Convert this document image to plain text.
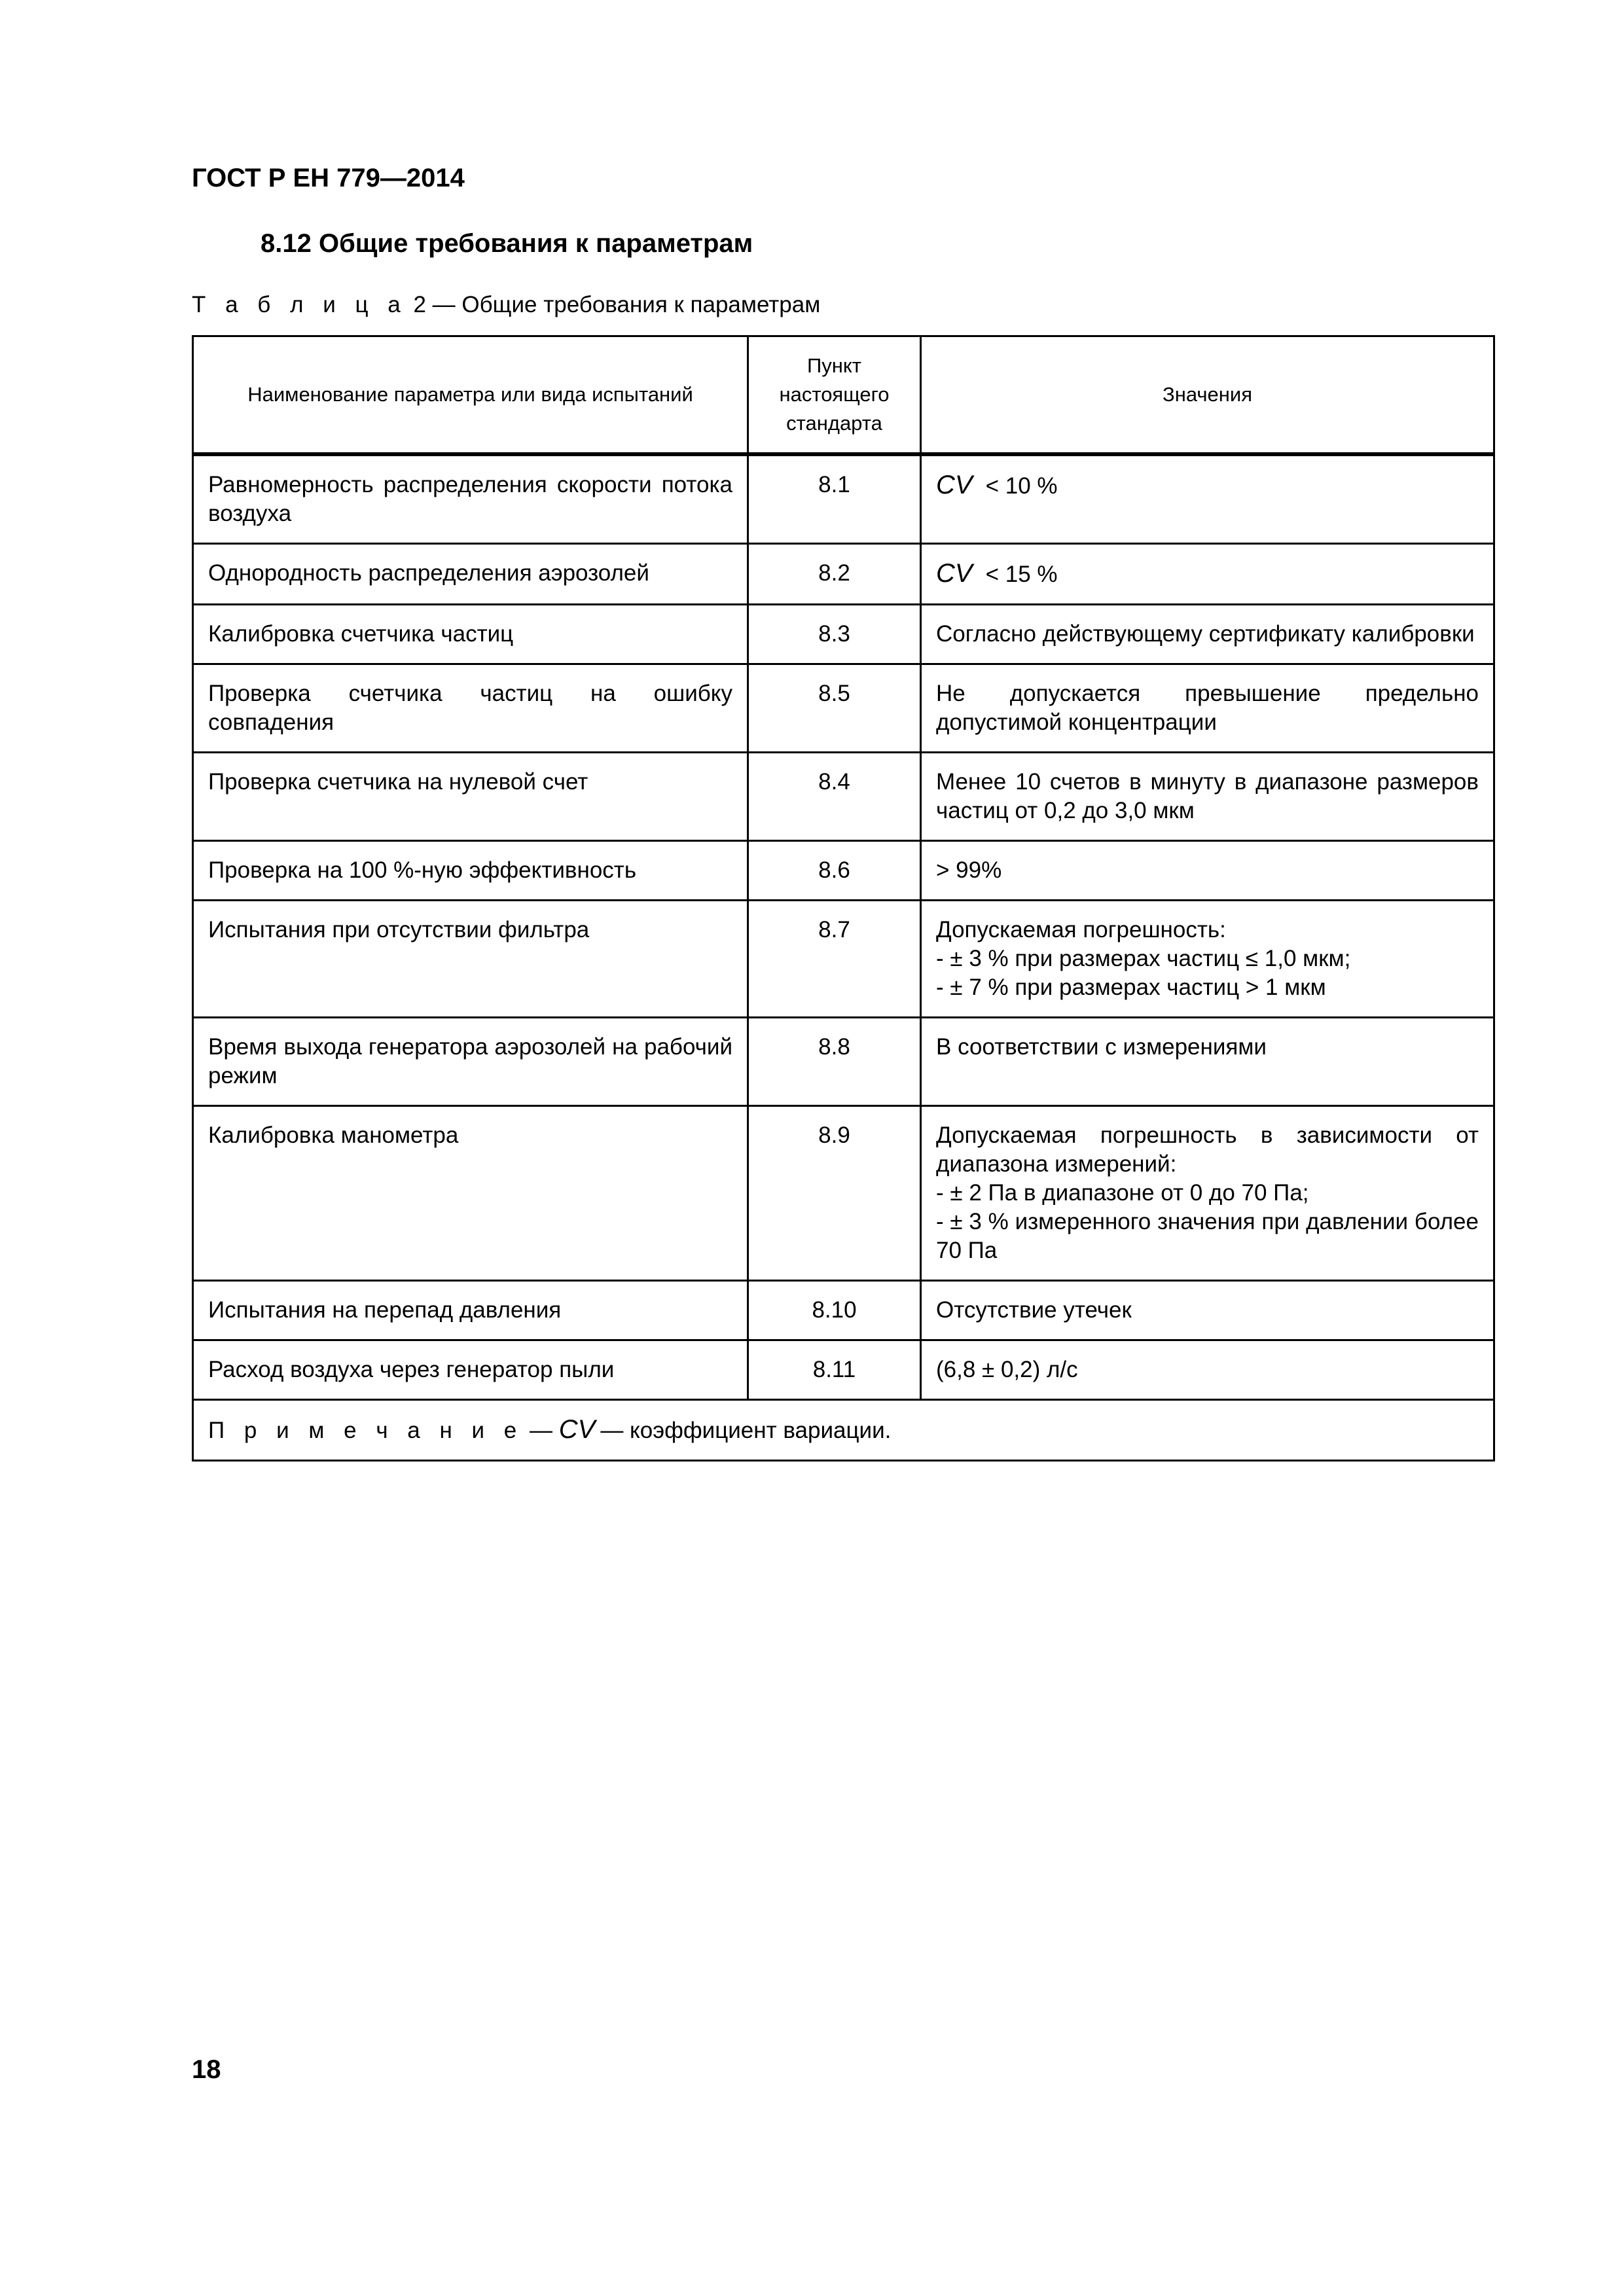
ГОСТ Р ЕН 779—2014

8.12 Общие требования к параметрам

Т а б л и ц а 2 — Общие требования к параметрам

Наименование параметра или вида испытаний	Пункт настоящего стандарта	Значения

Равномерность распределения скорости потока воздуха	8.1	CV < 10 %

Однородность распределения аэрозолей	8.2	CV < 15 %

Калибровка счетчика частиц	8.3	Согласно действующему сертификату калибровки

Проверка счетчика частиц на ошибку совпадения	8.5	Не допускается превышение предельно допустимой концентрации

Проверка счетчика на нулевой счет	8.4	Менее 10 счетов в минуту в диапазоне размеров частиц от 0,2 до 3,0 мкм

Проверка на 100 %-ную эффективность	8.6	> 99%

Испытания при отсутствии фильтра	8.7	Допускаемая погрешность:
- ± 3 % при размерах частиц ≤ 1,0 мкм;
- ± 7 % при размерах частиц > 1 мкм

Время выхода генератора аэрозолей на рабочий режим	8.8	В соответствии с измерениями

Калибровка манометра	8.9	Допускаемая погрешность в зависимости от диапазона измерений:
- ± 2 Па в диапазоне от 0 до 70 Па;
- ± 3 % измеренного значения при давлении более 70 Па

Испытания на перепад давления	8.10	Отсутствие утечек

Расход воздуха через генератор пыли	8.11	(6,8 ± 0,2) л/с

П р и м е ч а н и е — CV — коэффициент вариации.		

18
